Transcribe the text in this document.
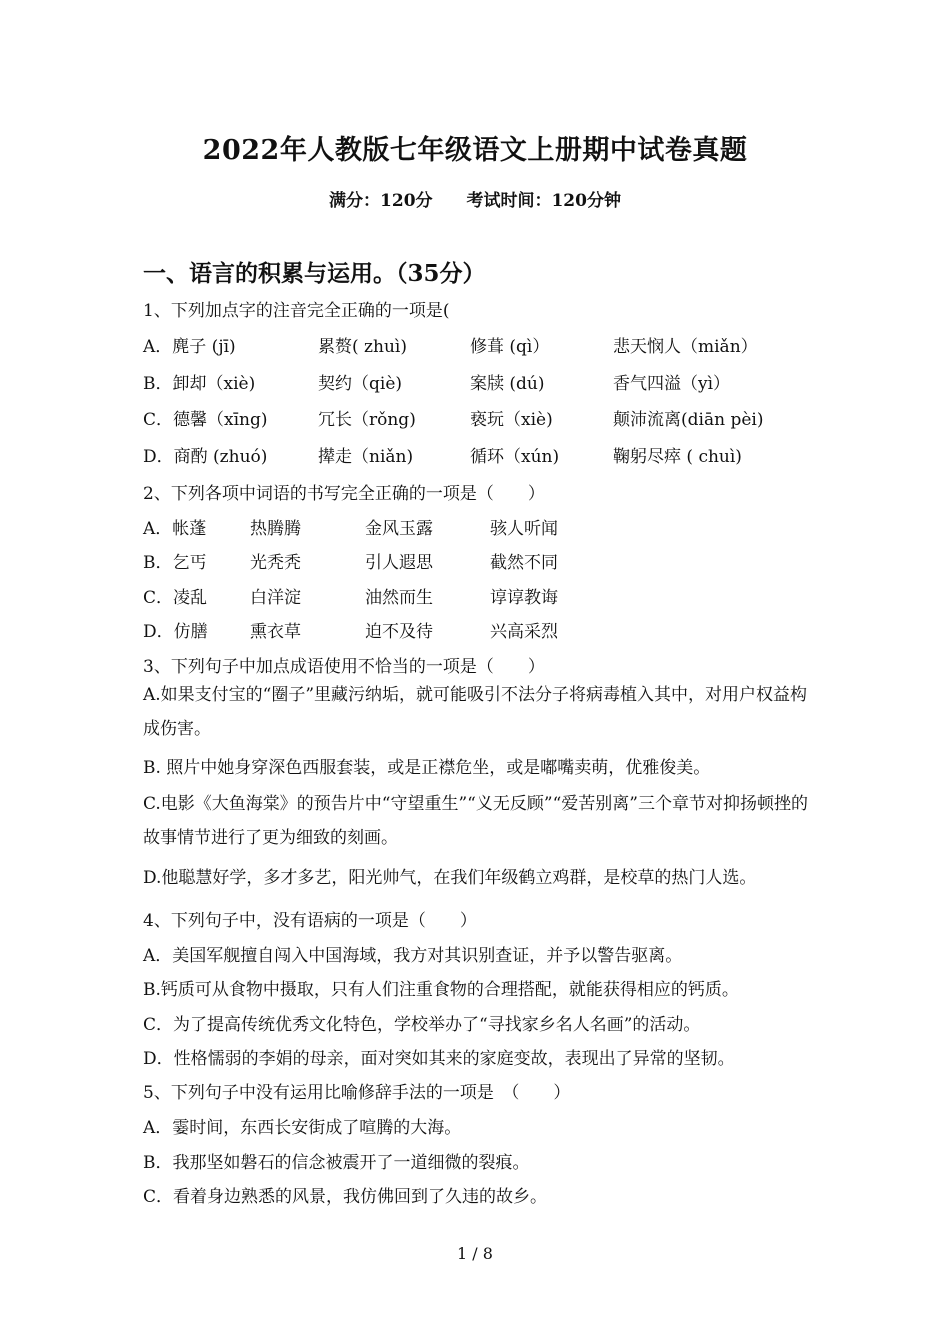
2022年人教版七年级语文上册期中试卷真题
满分：120分 考试时间：120分钟
一、语言的积累与运用。（35分）
1、下列加点字的注音完全正确的一项是(
A．麂子 (jī)	累赘( zhuì)	修葺 (qì）	悲天悯人（miǎn）
B．卸却（xiè)	契约（qiè)	案牍 (dú)	香气四溢（yì）
C．德馨（xīng)	冗长（rǒng)	亵玩（xiè)	颠沛流离(diān pèi)
D．商酌 (zhuó)	撵走（niǎn)	循环（xún)	鞠躬尽瘁 ( chuì)
2、下列各项中词语的书写完全正确的一项是（　　）
A．帐蓬	热腾腾	金风玉露	骇人听闻
B．乞丐	光秃秃	引人遐思	截然不同
C．凌乱	白洋淀	油然而生	谆谆教诲
D．仿膳 熏衣草	迫不及待	兴高采烈
3、下列句子中加点成语使用不恰当的一项是（　　）
A.如果支付宝的“圈子”里藏污纳垢，就可能吸引不法分子将病毒植入其中，对用户权益构成伤害。
B. 照片中她身穿深色西服套装，或是正襟危坐，或是嘟嘴卖萌，优雅俊美。
C.电影《大鱼海棠》的预告片中“守望重生”“义无反顾”“爱苦别离”三个章节对抑扬顿挫的故事情节进行了更为细致的刻画。
D.他聪慧好学，多才多艺，阳光帅气，在我们年级鹤立鸡群，是校草的热门人选。
4、下列句子中，没有语病的一项是（　　）
A．美国军舰擅自闯入中国海域，我方对其识别查证，并予以警告驱离。
B.钙质可从食物中摄取，只有人们注重食物的合理搭配，就能获得相应的钙质。
C．为了提高传统优秀文化特色，学校举办了“寻找家乡名人名画”的活动。
D．性格懦弱的李娟的母亲，面对突如其来的家庭变故，表现出了异常的坚韧。
5、下列句子中没有运用比喻修辞手法的一项是　（　　）
A．霎时间，东西长安街成了喧腾的大海。
B．我那坚如磐石的信念被震开了一道细微的裂痕。
C．看着身边熟悉的风景，我仿佛回到了久违的故乡。
1 / 8
